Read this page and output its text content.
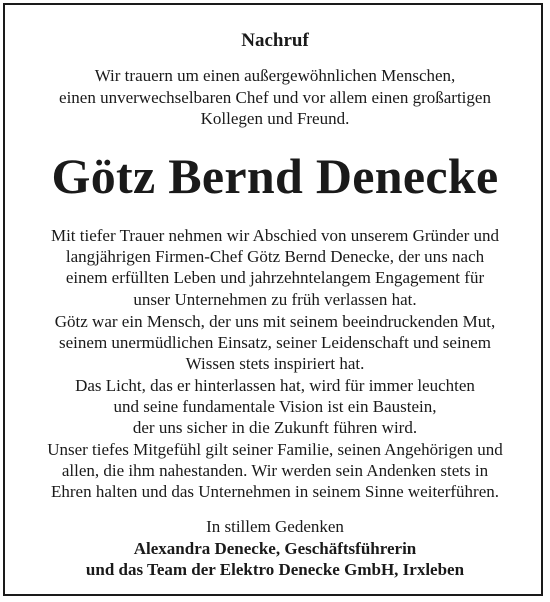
Nachruf
Wir trauern um einen außergewöhnlichen Menschen,
einen unverwechselbaren Chef und vor allem einen großartigen
Kollegen und Freund.
Götz Bernd Denecke
Mit tiefer Trauer nehmen wir Abschied von unserem Gründer und
langjährigen Firmen-Chef Götz Bernd Denecke, der uns nach
einem erfüllten Leben und jahrzehntelangem Engagement für
unser Unternehmen zu früh verlassen hat.
Götz war ein Mensch, der uns mit seinem beeindruckenden Mut,
seinem unermüdlichen Einsatz, seiner Leidenschaft und seinem
Wissen stets inspiriert hat.
Das Licht, das er hinterlassen hat, wird für immer leuchten
und seine fundamentale Vision ist ein Baustein,
der uns sicher in die Zukunft führen wird.
Unser tiefes Mitgefühl gilt seiner Familie, seinen Angehörigen und
allen, die ihm nahestanden. Wir werden sein Andenken stets in
Ehren halten und das Unternehmen in seinem Sinne weiterführen.
In stillem Gedenken
Alexandra Denecke, Geschäftsführerin
und das Team der Elektro Denecke GmbH, Irxleben
